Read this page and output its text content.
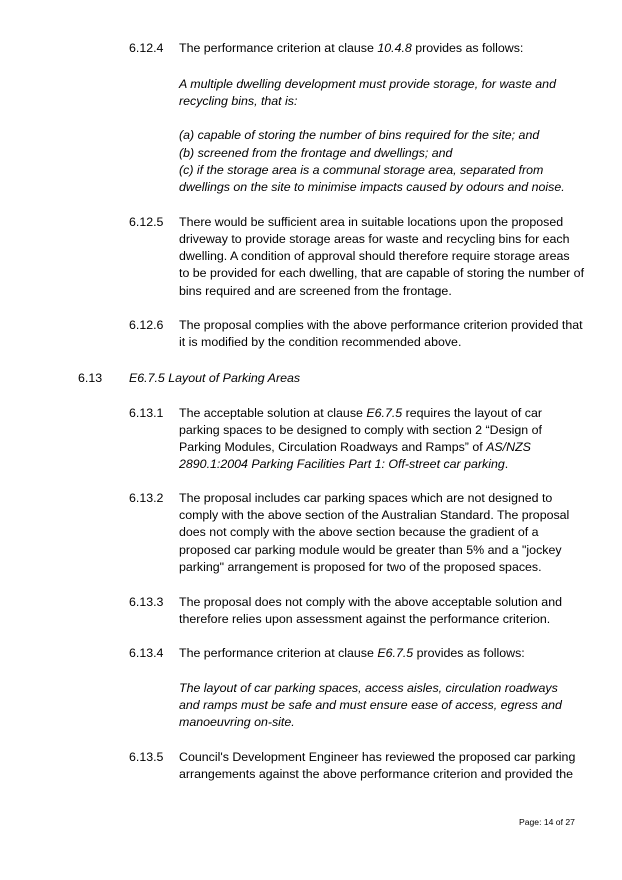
6.12.4 The performance criterion at clause 10.4.8 provides as follows:
A multiple dwelling development must provide storage, for waste and
recycling bins, that is:
(a) capable of storing the number of bins required for the site; and
(b) screened from the frontage and dwellings; and
(c) if the storage area is a communal storage area, separated from
dwellings on the site to minimise impacts caused by odours and noise.
6.12.5 There would be sufficient area in suitable locations upon the proposed
driveway to provide storage areas for waste and recycling bins for each
dwelling. A condition of approval should therefore require storage areas
to be provided for each dwelling, that are capable of storing the number of
bins required and are screened from the frontage.
6.12.6 The proposal complies with the above performance criterion provided that
it is modified by the condition recommended above.
6.13 E6.7.5 Layout of Parking Areas
6.13.1 The acceptable solution at clause E6.7.5 requires the layout of car
parking spaces to be designed to comply with section 2 “Design of
Parking Modules, Circulation Roadways and Ramps” of AS/NZS
2890.1:2004 Parking Facilities Part 1: Off-street car parking.
6.13.2 The proposal includes car parking spaces which are not designed to
comply with the above section of the Australian Standard. The proposal
does not comply with the above section because the gradient of a
proposed car parking module would be greater than 5% and a "jockey
parking" arrangement is proposed for two of the proposed spaces.
6.13.3 The proposal does not comply with the above acceptable solution and
therefore relies upon assessment against the performance criterion.
6.13.4 The performance criterion at clause E6.7.5 provides as follows:
The layout of car parking spaces, access aisles, circulation roadways
and ramps must be safe and must ensure ease of access, egress and
manoeuvring on-site.
6.13.5 Council's Development Engineer has reviewed the proposed car parking
arrangements against the above performance criterion and provided the
Page: 14 of 27
